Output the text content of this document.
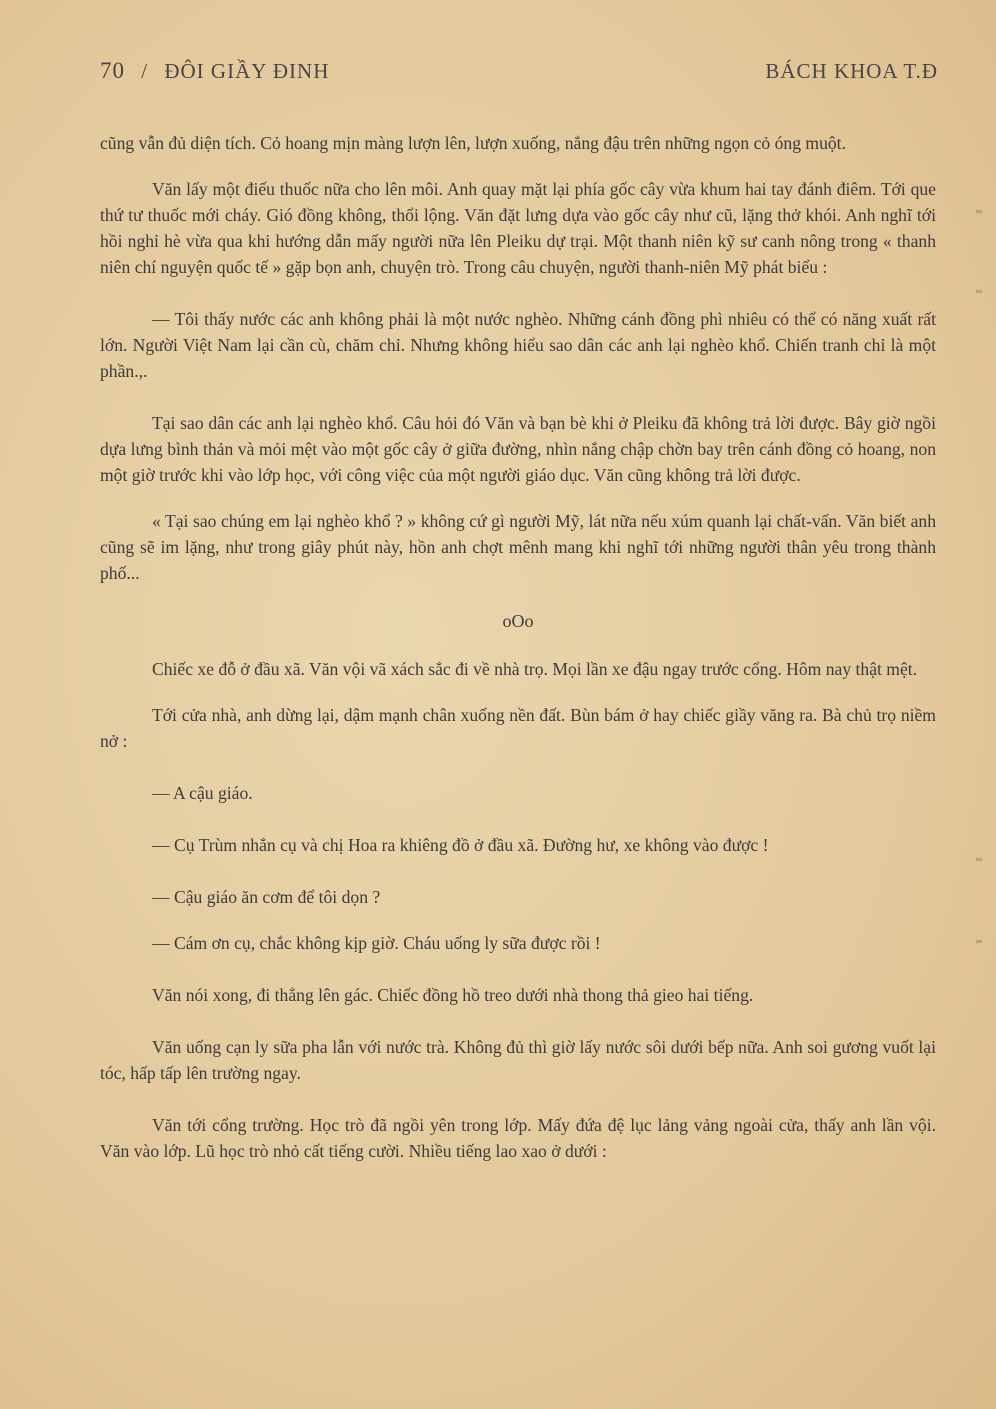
70 / ĐÔI GIẦY ĐINH	BÁCH KHOA T.Đ

cũng vẫn đủ diện tích. Cỏ hoang mịn màng lượn lên, lượn xuống, nắng đậu trên những ngọn cỏ óng muột.

Văn lấy một điếu thuốc nữa cho lên môi. Anh quay mặt lại phía gốc cây vừa khum hai tay đánh điêm. Tới que thứ tư thuốc mới cháy. Gió đồng không, thổi lộng. Văn đặt lưng dựa vào gốc cây như cũ, lặng thở khói. Anh nghĩ tới hồi nghỉ hè vừa qua khi hướng dẫn mấy người nữa lên Pleiku dự trại. Một thanh niên kỹ sư canh nông trong « thanh niên chí nguyện quốc tế » gặp bọn anh, chuyện trò. Trong câu chuyện, người thanh-niên Mỹ phát biểu :

— Tôi thấy nước các anh không phải là một nước nghèo. Những cánh đồng phì nhiêu có thể có năng xuất rất lớn. Người Việt Nam lại cần cù, chăm chỉ. Nhưng không hiểu sao dân các anh lại nghèo khổ. Chiến tranh chỉ là một phần.,.

Tại sao dân các anh lại nghèo khổ. Câu hỏi đó Văn và bạn bè khi ở Pleiku đã không trả lời được. Bây giờ ngồi dựa lưng bình thản và mỏi mệt vào một gốc cây ở giữa đường, nhìn nắng chập chờn bay trên cánh đồng cỏ hoang, non một giờ trước khi vào lớp học, với công việc của một người giáo dục. Văn cũng không trả lời được.

« Tại sao chúng em lại nghèo khổ ? » không cứ gì người Mỹ, lát nữa nếu xúm quanh lại chất-vấn. Văn biết anh cũng sẽ im lặng, như trong giây phút này, hồn anh chợt mênh mang khi nghĩ tới những người thân yêu trong thành phố...

oOo

Chiếc xe đỗ ở đầu xã. Văn vội vã xách sắc đi về nhà trọ. Mọi lần xe đậu ngay trước cổng. Hôm nay thật mệt.

Tới cửa nhà, anh dừng lại, dậm mạnh chân xuống nền đất. Bùn bám ở hay chiếc giầy văng ra. Bà chủ trọ niềm nở :

— A cậu giáo.

— Cụ Trùm nhắn cụ và chị Hoa ra khiêng đồ ở đầu xã. Đường hư, xe không vào được !

— Cậu giáo ăn cơm để tôi dọn ?

— Cám ơn cụ, chắc không kịp giờ. Cháu uống ly sữa được rồi !

Văn nói xong, đi thẳng lên gác. Chiếc đồng hồ treo dưới nhà thong thả gieo hai tiếng.

Văn uống cạn ly sữa pha lẫn với nước trà. Không đủ thì giờ lấy nước sôi dưới bếp nữa. Anh soi gương vuốt lại tóc, hấp tấp lên trường ngay.

Văn tới cổng trường. Học trò đã ngồi yên trong lớp. Mấy đứa đệ lục lảng vảng ngoài cửa, thấy anh lần vội. Văn vào lớp. Lũ học trò nhỏ cất tiếng cười. Nhiều tiếng lao xao ở dưới :
